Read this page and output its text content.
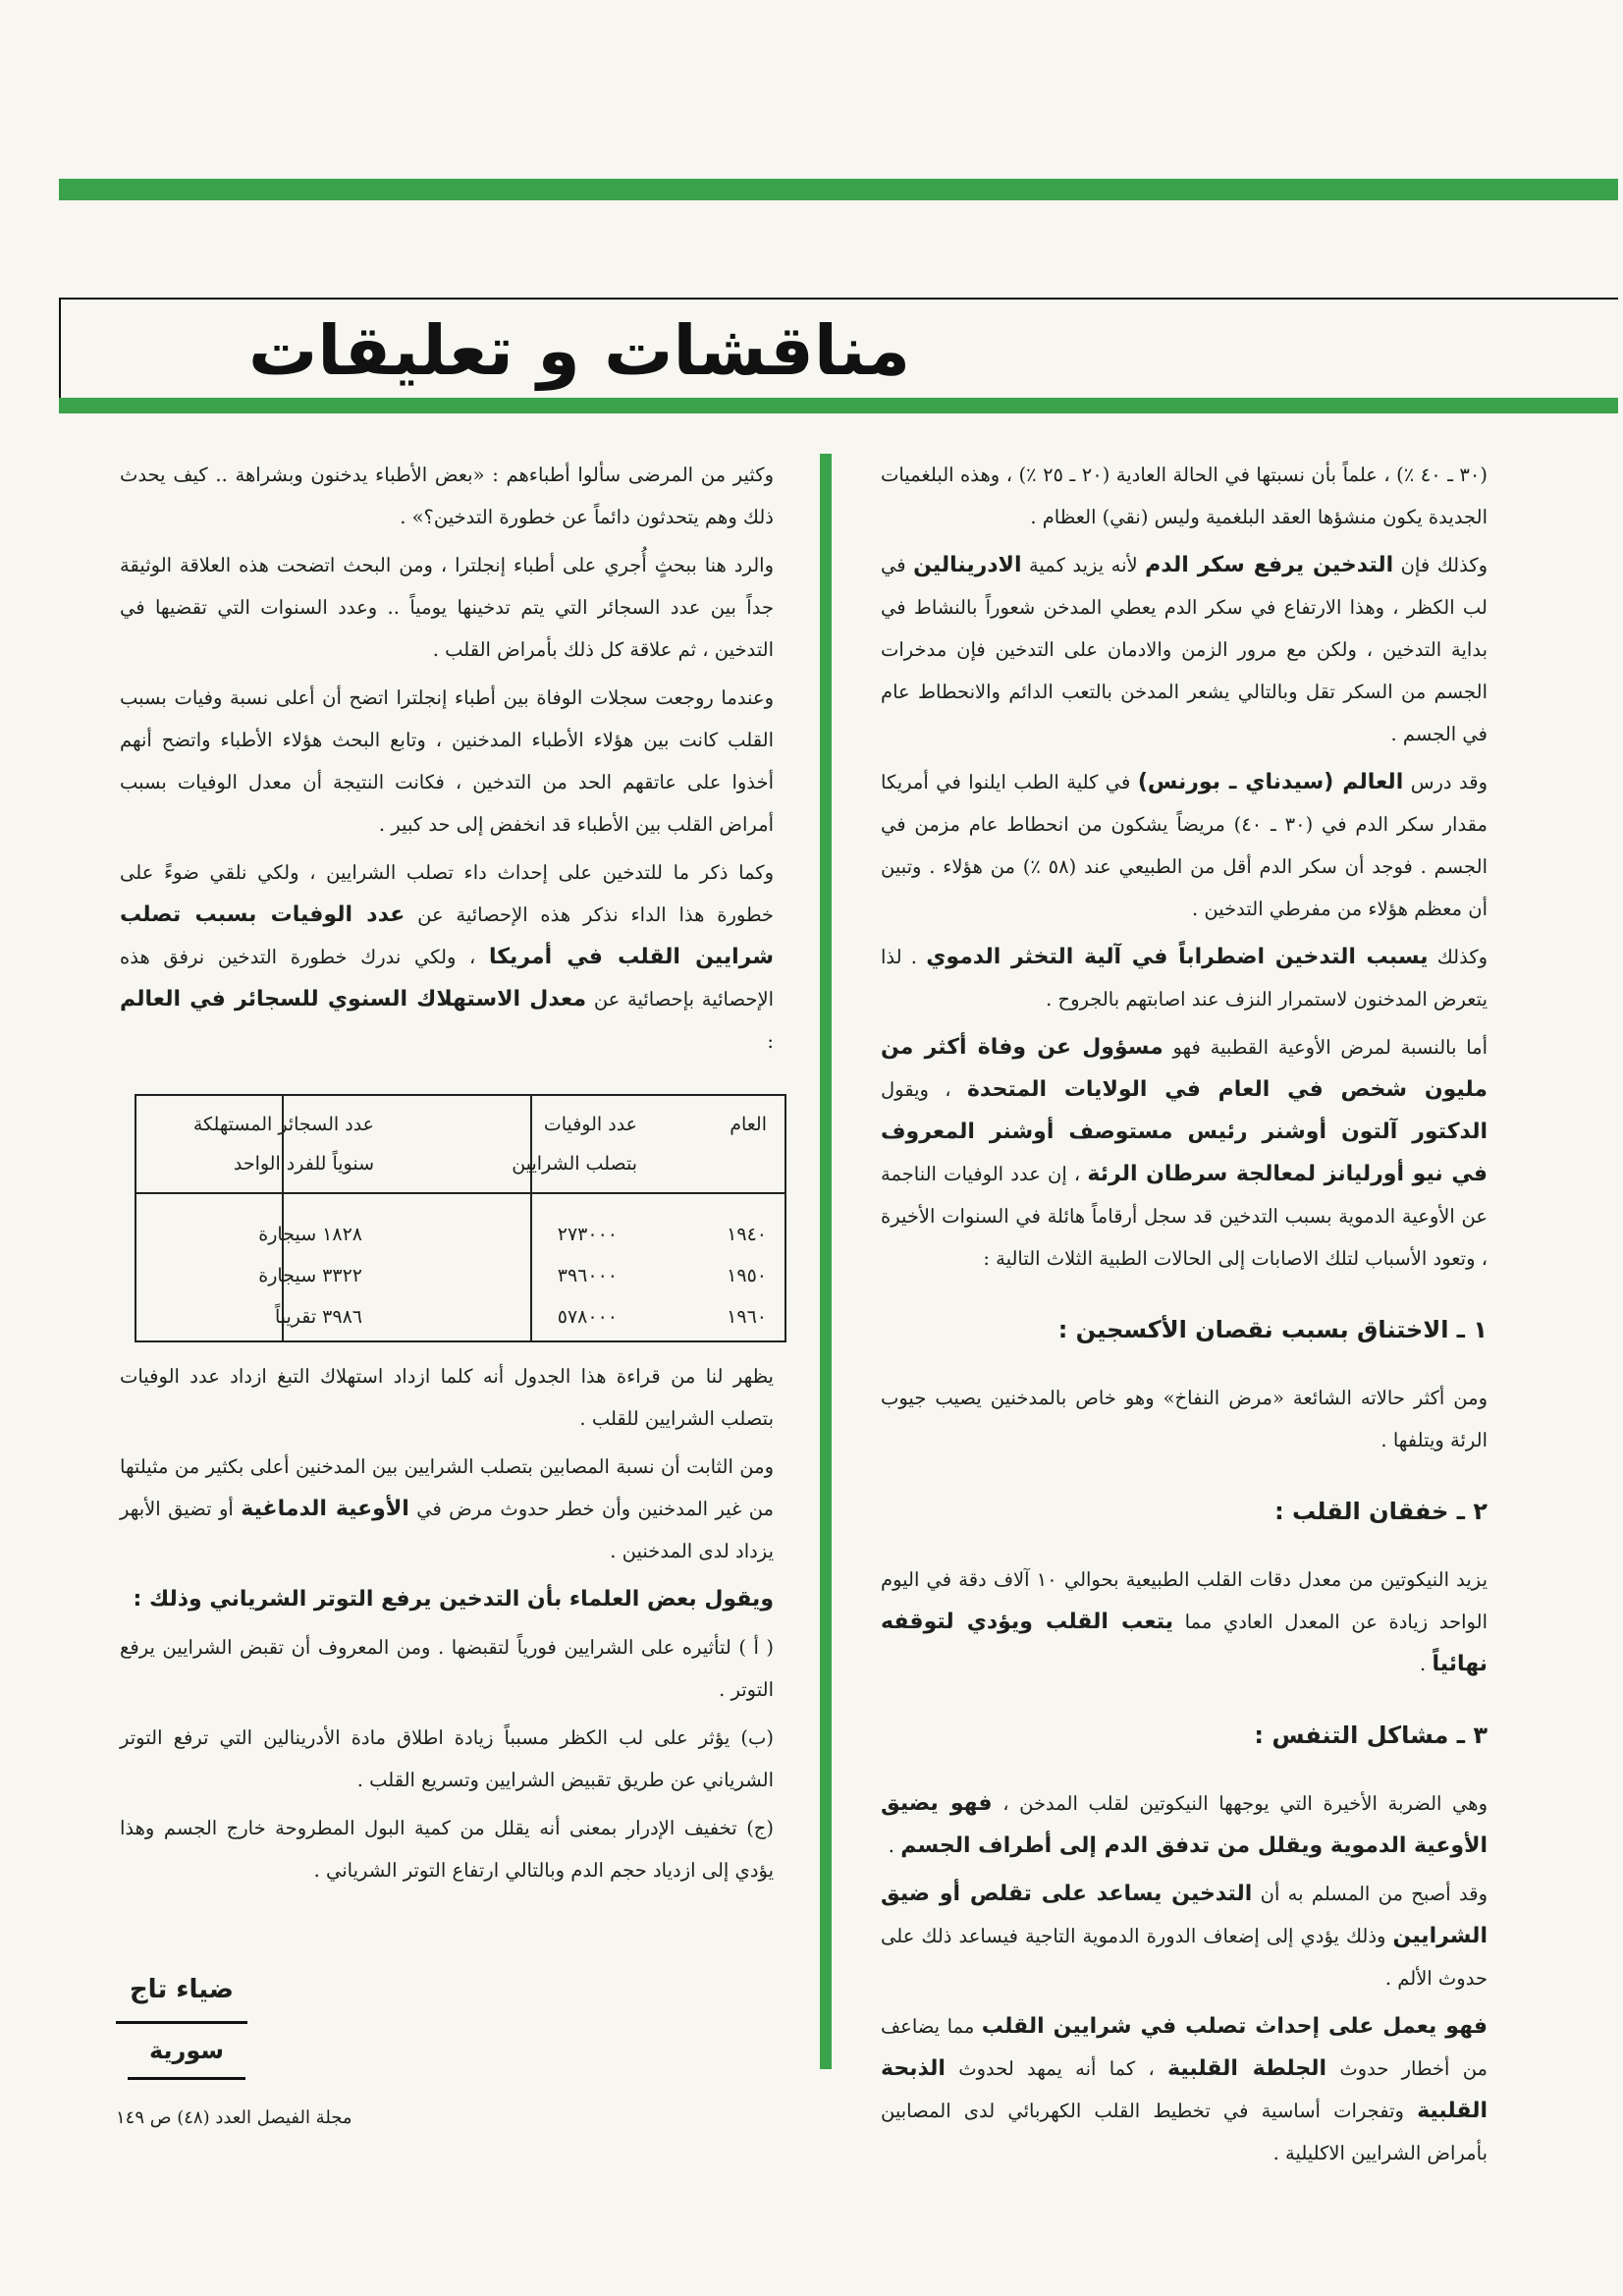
مناقشات و تعليقات

(٣٠ ـ ٤٠ ٪) ، علماً بأن نسبتها في الحالة العادية (٢٠ ـ ٢٥ ٪) ، وهذه البلغميات الجديدة يكون منشؤها العقد البلغمية وليس (نقي) العظام .

وكذلك فإن التدخين يرفع سكر الدم لأنه يزيد كمية الادرينالين في لب الكظر ، وهذا الارتفاع في سكر الدم يعطي المدخن شعوراً بالنشاط في بداية التدخين ، ولكن مع مرور الزمن والادمان على التدخين فإن مدخرات الجسم من السكر تقل وبالتالي يشعر المدخن بالتعب الدائم والانحطاط عام في الجسم .

وقد درس العالم (سيدناي ـ بورنس) في كلية الطب ايلنوا في أمريكا مقدار سكر الدم في (٣٠ ـ ٤٠) مريضاً يشكون من انحطاط عام مزمن في الجسم . فوجد أن سكر الدم أقل من الطبيعي عند (٥٨ ٪) من هؤلاء . وتبين أن معظم هؤلاء من مفرطي التدخين .

وكذلك يسبب التدخين اضطراباً في آلية التخثر الدموي . لذا يتعرض المدخنون لاستمرار النزف عند اصابتهم بالجروح .

أما بالنسبة لمرض الأوعية القطبية فهو مسؤول عن وفاة أكثر من مليون شخص في العام في الولايات المتحدة ، ويقول الدكتور آلتون أوشنر رئيس مستوصف أوشنر المعروف في نيو أورليانز لمعالجة سرطان الرئة ، إن عدد الوفيات الناجمة عن الأوعية الدموية بسبب التدخين قد سجل أرقاماً هائلة في السنوات الأخيرة ، وتعود الأسباب لتلك الاصابات إلى الحالات الطبية الثلاث التالية :

١ ـ الاختناق بسبب نقصان الأكسجين :

ومن أكثر حالاته الشائعة «مرض النفاخ» وهو خاص بالمدخنين يصيب جيوب الرئة ويتلفها .

٢ ـ خفقان القلب :

يزيد النيكوتين من معدل دقات القلب الطبيعية بحوالي ١٠ آلاف دقة في اليوم الواحد زيادة عن المعدل العادي مما يتعب القلب ويؤدي لتوقفه نهائياً .

٣ ـ مشاكل التنفس :

وهي الضربة الأخيرة التي يوجهها النيكوتين لقلب المدخن ، فهو يضيق الأوعية الدموية ويقلل من تدفق الدم إلى أطراف الجسم .

وقد أصبح من المسلم به أن التدخين يساعد على تقلص أو ضيق الشرايين وذلك يؤدي إلى إضعاف الدورة الدموية التاجية فيساعد ذلك على حدوث الألم .

فهو يعمل على إحداث تصلب في شرايين القلب مما يضاعف من أخطار حدوث الجلطة القلبية ، كما أنه يمهد لحدوث الذبحة القلبية وتفجرات أساسية في تخطيط القلب الكهربائي لدى المصابين بأمراض الشرايين الاكليلية .

وكثير من المرضى سألوا أطباءهم : «بعض الأطباء يدخنون وبشراهة .. كيف يحدث ذلك وهم يتحدثون دائماً عن خطورة التدخين؟» .

والرد هنا ببحثٍ أُجري على أطباء إنجلترا ، ومن البحث اتضحت هذه العلاقة الوثيقة جداً بين عدد السجائر التي يتم تدخينها يومياً .. وعدد السنوات التي تقضيها في التدخين ، ثم علاقة كل ذلك بأمراض القلب .

وعندما روجعت سجلات الوفاة بين أطباء إنجلترا اتضح أن أعلى نسبة وفيات بسبب القلب كانت بين هؤلاء الأطباء المدخنين ، وتابع البحث هؤلاء الأطباء واتضح أنهم أخذوا على عاتقهم الحد من التدخين ، فكانت النتيجة أن معدل الوفيات بسبب أمراض القلب بين الأطباء قد انخفض إلى حد كبير .

وكما ذكر ما للتدخين على إحداث داء تصلب الشرايين ، ولكي نلقي ضوءً على خطورة هذا الداء نذكر هذه الإحصائية عن عدد الوفيات بسبب تصلب شرايين القلب في أمريكا ، ولكي ندرك خطورة التدخين نرفق هذه الإحصائية بإحصائية عن معدل الاستهلاك السنوي للسجائر في العالم :

يظهر لنا من قراءة هذا الجدول أنه كلما ازداد استهلاك التبغ ازداد عدد الوفيات بتصلب الشرايين للقلب .

ومن الثابت أن نسبة المصابين بتصلب الشرايين بين المدخنين أعلى بكثير من مثيلتها من غير المدخنين وأن خطر حدوث مرض في الأوعية الدماغية أو تضيق الأبهر يزداد لدى المدخنين .

ويقول بعض العلماء بأن التدخين يرفع التوتر الشرياني وذلك :

( أ ) لتأثيره على الشرايين فورياً لتقبضها . ومن المعروف أن تقبض الشرايين يرفع التوتر .

(ب) يؤثر على لب الكظر مسبباً زيادة اطلاق مادة الأدرينالين التي ترفع التوتر الشرياني عن طريق تقبيض الشرايين وتسريع القلب .

(ج) تخفيف الإدرار بمعنى أنه يقلل من كمية البول المطروحة خارج الجسم وهذا يؤدي إلى ازدياد حجم الدم وبالتالي ارتفاع التوتر الشرياني .

العام
عدد الوفيات
بتصلب الشرايين
عدد السجائر المستهلكة
سنوياً للفرد الواحد
١٩٤٠
٢٧٣٠٠٠
١٨٢٨ سيجارة
١٩٥٠
٣٩٦٠٠٠
٣٣٢٢ سيجارة
١٩٦٠
٥٧٨٠٠٠
٣٩٨٦ تقريباً
ضياء تاج
سورية
مجلة الفيصل العدد (٤٨) ص ١٤٩
